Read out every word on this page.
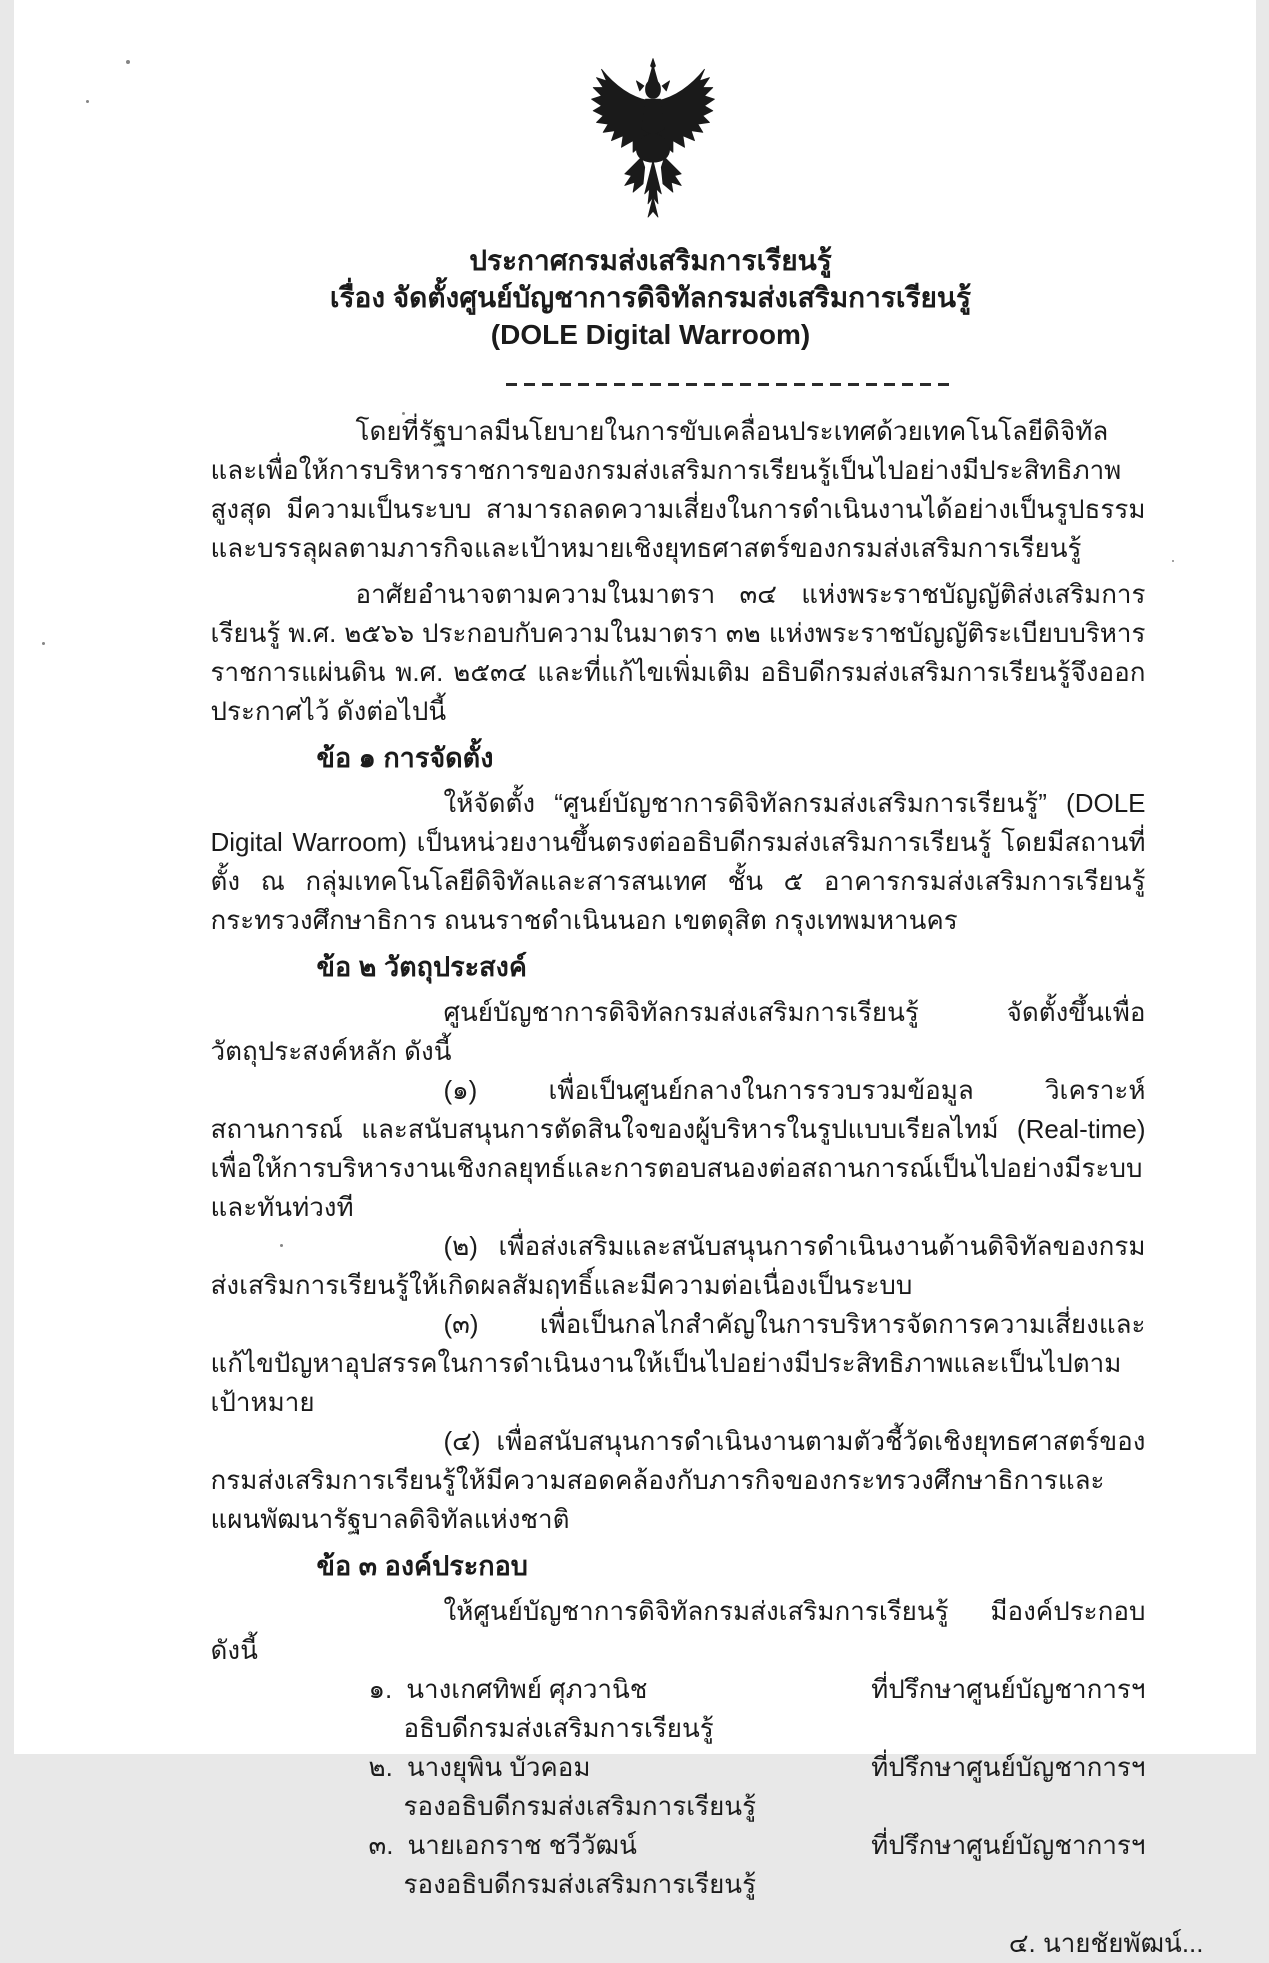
ประกาศกรมส่งเสริมการเรียนรู้
เรื่อง จัดตั้งศูนย์บัญชาการดิจิทัลกรมส่งเสริมการเรียนรู้
(DOLE Digital Warroom)

โดยที่รัฐบาลมีนโยบายในการขับเคลื่อนประเทศด้วยเทคโนโลยีดิจิทัล และเพื่อให้การบริหารราชการของกรมส่งเสริมการเรียนรู้เป็นไปอย่างมีประสิทธิภาพสูงสุด มีความเป็นระบบ สามารถลดความเสี่ยงในการดำเนินงานได้อย่างเป็นรูปธรรม และบรรลุผลตามภารกิจและเป้าหมายเชิงยุทธศาสตร์ของกรมส่งเสริมการเรียนรู้

อาศัยอำนาจตามความในมาตรา ๓๔ แห่งพระราชบัญญัติส่งเสริมการเรียนรู้ พ.ศ. ๒๕๖๖ ประกอบกับความในมาตรา ๓๒ แห่งพระราชบัญญัติระเบียบบริหารราชการแผ่นดิน พ.ศ. ๒๕๓๔ และที่แก้ไขเพิ่มเติม อธิบดีกรมส่งเสริมการเรียนรู้จึงออกประกาศไว้ ดังต่อไปนี้

ข้อ ๑ การจัดตั้ง

ให้จัดตั้ง “ศูนย์บัญชาการดิจิทัลกรมส่งเสริมการเรียนรู้” (DOLE Digital Warroom) เป็นหน่วยงานขึ้นตรงต่ออธิบดีกรมส่งเสริมการเรียนรู้ โดยมีสถานที่ตั้ง ณ กลุ่มเทคโนโลยีดิจิทัลและสารสนเทศ ชั้น ๕ อาคารกรมส่งเสริมการเรียนรู้ กระทรวงศึกษาธิการ ถนนราชดำเนินนอก เขตดุสิต กรุงเทพมหานคร

ข้อ ๒ วัตถุประสงค์

ศูนย์บัญชาการดิจิทัลกรมส่งเสริมการเรียนรู้ จัดตั้งขึ้นเพื่อวัตถุประสงค์หลัก ดังนี้

(๑) เพื่อเป็นศูนย์กลางในการรวบรวมข้อมูล วิเคราะห์สถานการณ์ และสนับสนุนการตัดสินใจของผู้บริหารในรูปแบบเรียลไทม์ (Real-time) เพื่อให้การบริหารงานเชิงกลยุทธ์และการตอบสนองต่อสถานการณ์เป็นไปอย่างมีระบบและทันท่วงที

(๒) เพื่อส่งเสริมและสนับสนุนการดำเนินงานด้านดิจิทัลของกรมส่งเสริมการเรียนรู้ให้เกิดผลสัมฤทธิ์และมีความต่อเนื่องเป็นระบบ

(๓) เพื่อเป็นกลไกสำคัญในการบริหารจัดการความเสี่ยงและแก้ไขปัญหาอุปสรรคในการดำเนินงานให้เป็นไปอย่างมีประสิทธิภาพและเป็นไปตามเป้าหมาย

(๔) เพื่อสนับสนุนการดำเนินงานตามตัวชี้วัดเชิงยุทธศาสตร์ของกรมส่งเสริมการเรียนรู้ให้มีความสอดคล้องกับภารกิจของกระทรวงศึกษาธิการและแผนพัฒนารัฐบาลดิจิทัลแห่งชาติ

ข้อ ๓ องค์ประกอบ

ให้ศูนย์บัญชาการดิจิทัลกรมส่งเสริมการเรียนรู้ มีองค์ประกอบ ดังนี้

๑. นางเกศทิพย์ ศุภวานิช	ที่ปรึกษาศูนย์บัญชาการฯ
อธิบดีกรมส่งเสริมการเรียนรู้
๒. นางยุพิน บัวคอม	ที่ปรึกษาศูนย์บัญชาการฯ
รองอธิบดีกรมส่งเสริมการเรียนรู้
๓. นายเอกราช ชวีวัฒน์	ที่ปรึกษาศูนย์บัญชาการฯ
รองอธิบดีกรมส่งเสริมการเรียนรู้
๔. นายชัยพัฒน์...
